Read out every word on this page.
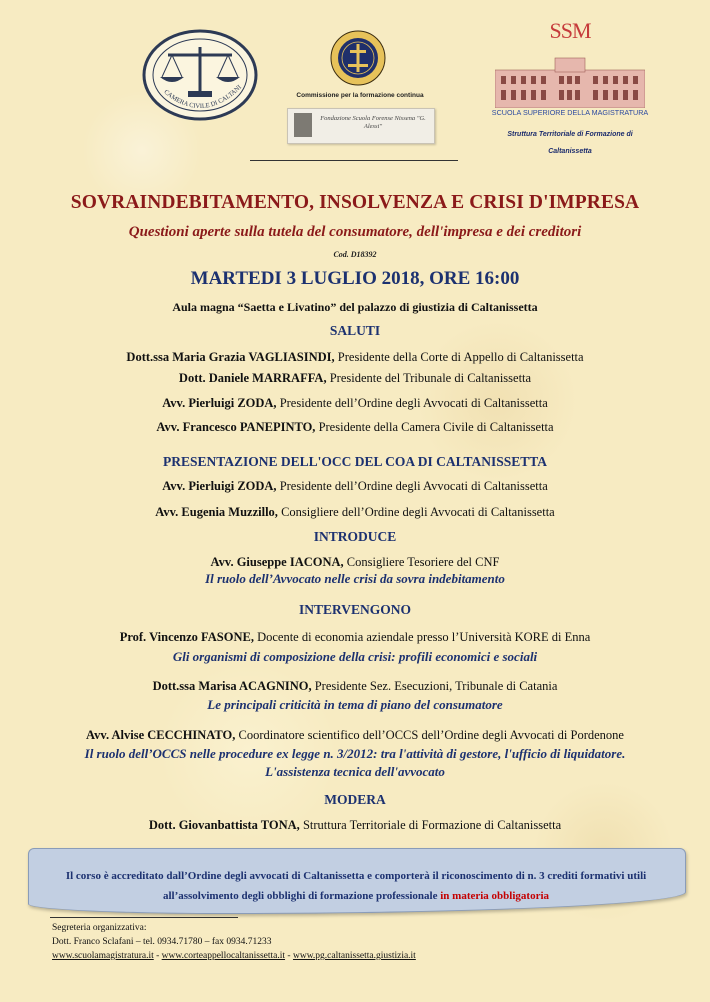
CAMERA CIVILE DI CALTANI
Commissione per la formazione continua
Fondazione Scuola Forense Nissena "G. Alessi"
SSM
SCUOLA SUPERIORE DELLA MAGISTRATURA
Struttura Territoriale di Formazione di
Caltanissetta
SOVRAINDEBITAMENTO, INSOLVENZA E CRISI D'IMPRESA
Questioni aperte sulla tutela del consumatore, dell'impresa e dei creditori
Cod. D18392
MARTEDI 3 LUGLIO 2018, ORE 16:00
Aula magna “Saetta e Livatino” del palazzo di giustizia di Caltanissetta
SALUTI
Dott.ssa Maria Grazia VAGLIASINDI, Presidente della Corte di Appello di Caltanissetta
Dott. Daniele MARRAFFA, Presidente del Tribunale di Caltanissetta
Avv. Pierluigi ZODA, Presidente dell’Ordine degli Avvocati di Caltanissetta
Avv. Francesco PANEPINTO, Presidente della Camera Civile di Caltanissetta
PRESENTAZIONE DELL'OCC DEL COA DI CALTANISSETTA
Avv. Pierluigi ZODA, Presidente dell’Ordine degli Avvocati di Caltanissetta
Avv. Eugenia Muzzillo, Consigliere dell’Ordine degli Avvocati di Caltanissetta
INTRODUCE
Avv. Giuseppe IACONA, Consigliere Tesoriere del CNF
Il ruolo dell’Avvocato nelle crisi da sovra indebitamento
INTERVENGONO
Prof. Vincenzo FASONE, Docente di economia aziendale presso l’Università KORE di Enna
Gli organismi di composizione della crisi: profili economici e sociali
Dott.ssa Marisa ACAGNINO, Presidente Sez. Esecuzioni, Tribunale di Catania
Le principali criticità in tema di piano del consumatore
Avv. Alvise CECCHINATO, Coordinatore scientifico dell’OCCS dell’Ordine degli Avvocati di Pordenone
Il ruolo dell’OCCS nelle procedure ex legge n. 3/2012: tra l'attività di gestore, l'ufficio di liquidatore.
L'assistenza tecnica dell'avvocato
MODERA
Dott. Giovanbattista TONA, Struttura Territoriale di Formazione di Caltanissetta
Il corso è accreditato dall’Ordine degli avvocati di Caltanissetta e comporterà il riconoscimento di n. 3 crediti formativi utili
all’assolvimento degli obblighi di formazione professionale in materia obbligatoria
Segreteria organizzativa:
Dott. Franco Sclafani – tel. 0934.71780 – fax 0934.71233
www.scuolamagistratura.it - www.corteappellocaltanissetta.it - www.pg.caltanissetta.giustizia.it
